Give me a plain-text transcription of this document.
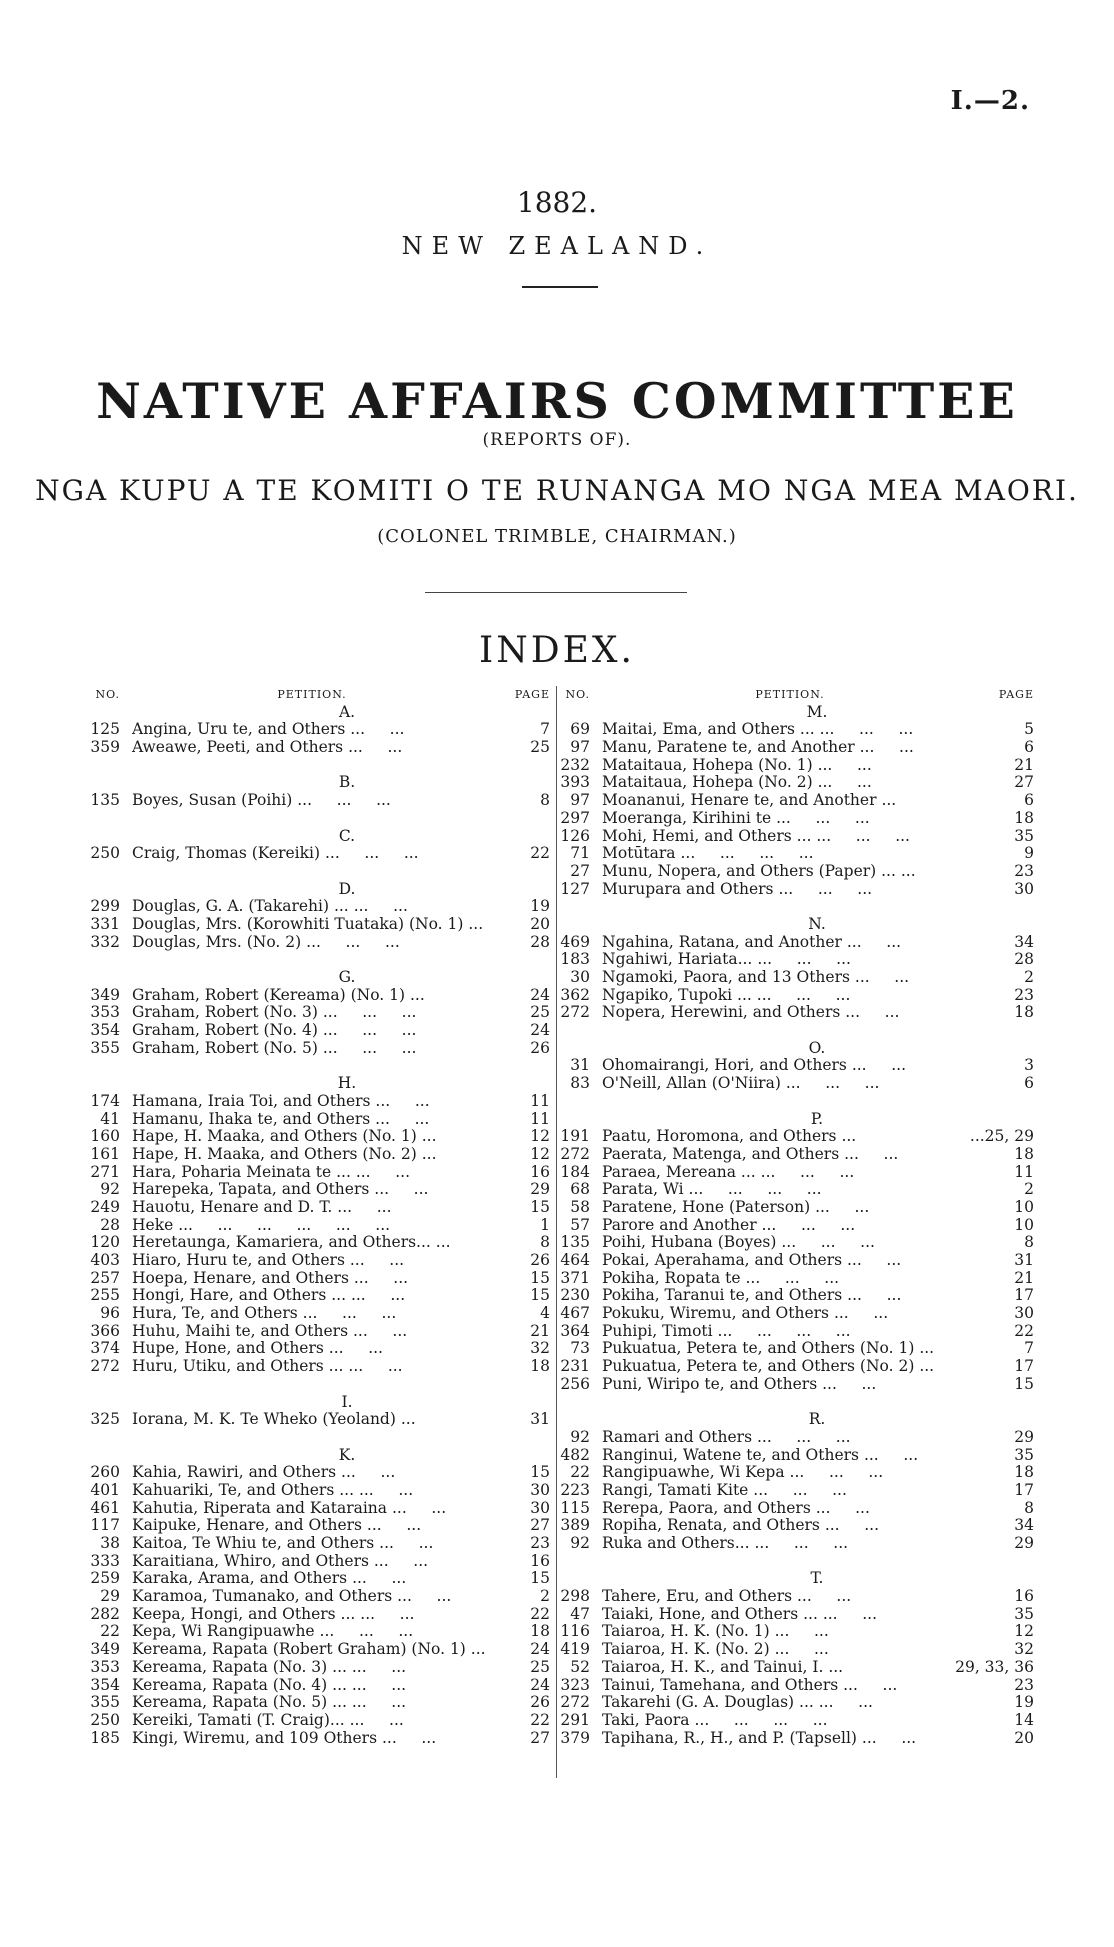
I.—2.
1882.
NEW ZEALAND.
NATIVE AFFAIRS COMMITTEE
(REPORTS OF).
NGA KUPU A TE KOMITI O TE RUNANGA MO NGA MEA MAORI.
(COLONEL TRIMBLE, CHAIRMAN.)
INDEX.
NO.	PETITION.	PAGE
A.
125 Angina, Uru te, and Others ...     ...	7
359 Aweawe, Peeti, and Others ...     ...	25
B.
135 Boyes, Susan (Poihi) ...     ...     ...	8
C.
250 Craig, Thomas (Kereiki) ...     ...     ...	22
D.
299 Douglas, G. A. (Takarehi) ... ...     ...	19
331 Douglas, Mrs. (Korowhiti Tuataka) (No. 1) ...	20
332 Douglas, Mrs. (No. 2) ...     ...     ...	28
G.
349 Graham, Robert (Kereama) (No. 1) ...	24
353 Graham, Robert (No. 3) ...     ...     ...	25
354 Graham, Robert (No. 4) ...     ...     ...	24
355 Graham, Robert (No. 5) ...     ...     ...	26
H.
174 Hamana, Iraia Toi, and Others ...     ...	11
41 Hamanu, Ihaka te, and Others ...     ...	11
160 Hape, H. Maaka, and Others (No. 1) ...	12
161 Hape, H. Maaka, and Others (No. 2) ...	12
271 Hara, Poharia Meinata te ... ...     ...	16
92 Harepeka, Tapata, and Others ...     ...	29
249 Hauotu, Henare and D. T. ...     ...	15
28 Heke ...     ...     ...     ...     ...     ...	1
120 Heretaunga, Kamariera, and Others... ...	8
403 Hiaro, Huru te, and Others ...     ...	26
257 Hoepa, Henare, and Others ...     ...	15
255 Hongi, Hare, and Others ... ...     ...	15
96 Hura, Te, and Others ...     ...     ...	4
366 Huhu, Maihi te, and Others ...     ...	21
374 Hupe, Hone, and Others ...     ...	32
272 Huru, Utiku, and Others ... ...     ...	18
I.
325 Iorana, M. K. Te Wheko (Yeoland) ...	31
K.
260 Kahia, Rawiri, and Others ...     ...	15
401 Kahuariki, Te, and Others ... ...     ...	30
461 Kahutia, Riperata and Kataraina ...     ...	30
117 Kaipuke, Henare, and Others ...     ...	27
38 Kaitoa, Te Whiu te, and Others ...     ...	23
333 Karaitiana, Whiro, and Others ...     ...	16
259 Karaka, Arama, and Others ...     ...	15
29 Karamoa, Tumanako, and Others ...     ...	2
282 Keepa, Hongi, and Others ... ...     ...	22
22 Kepa, Wi Rangipuawhe ...     ...     ...	18
349 Kereama, Rapata (Robert Graham) (No. 1) ...	24
353 Kereama, Rapata (No. 3) ... ...     ...	25
354 Kereama, Rapata (No. 4) ... ...     ...	24
355 Kereama, Rapata (No. 5) ... ...     ...	26
250 Kereiki, Tamati (T. Craig)... ...     ...	22
185 Kingi, Wiremu, and 109 Others ...     ...	27
NO.	PETITION.	PAGE
M.
69 Maitai, Ema, and Others ... ...     ...     ...	5
97 Manu, Paratene te, and Another ...     ...	6
232 Mataitaua, Hohepa (No. 1) ...     ...	21
393 Mataitaua, Hohepa (No. 2) ...     ...	27
97 Moananui, Henare te, and Another ...	6
297 Moeranga, Kirihini te ...     ...     ...	18
126 Mohi, Hemi, and Others ... ...     ...     ...	35
71 Motūtara ...     ...     ...     ...	9
27 Munu, Nopera, and Others (Paper) ... ...	23
127 Murupara and Others ...     ...     ...	30
N.
469 Ngahina, Ratana, and Another ...     ...	34
183 Ngahiwi, Hariata... ...     ...     ...	28
30 Ngamoki, Paora, and 13 Others ...     ...	2
362 Ngapiko, Tupoki ... ...     ...     ...	23
272 Nopera, Herewini, and Others ...     ...	18
O.
31 Ohomairangi, Hori, and Others ...     ...	3
83 O'Neill, Allan (O'Niira) ...     ...     ...	6
P.
191 Paatu, Horomona, and Others ...	...25, 29
272 Paerata, Matenga, and Others ...     ...	18
184 Paraea, Mereana ... ...     ...     ...	11
68 Parata, Wi ...     ...     ...     ...	2
58 Paratene, Hone (Paterson) ...     ...	10
57 Parore and Another ...     ...     ...	10
135 Poihi, Hubana (Boyes) ...     ...     ...	8
464 Pokai, Aperahama, and Others ...     ...	31
371 Pokiha, Ropata te ...     ...     ...	21
230 Pokiha, Taranui te, and Others ...     ...	17
467 Pokuku, Wiremu, and Others ...     ...	30
364 Puhipi, Timoti ...     ...     ...     ...	22
73 Pukuatua, Petera te, and Others (No. 1) ...	7
231 Pukuatua, Petera te, and Others (No. 2) ...	17
256 Puni, Wiripo te, and Others ...     ...	15
R.
92 Ramari and Others ...     ...     ...	29
482 Ranginui, Watene te, and Others ...     ...	35
22 Rangipuawhe, Wi Kepa ...     ...     ...	18
223 Rangi, Tamati Kite ...     ...     ...	17
115 Rerepa, Paora, and Others ...     ...	8
389 Ropiha, Renata, and Others ...     ...	34
92 Ruka and Others... ...     ...     ...	29
T.
298 Tahere, Eru, and Others ...     ...	16
47 Taiaki, Hone, and Others ... ...     ...	35
116 Taiaroa, H. K. (No. 1) ...     ...	12
419 Taiaroa, H. K. (No. 2) ...     ...	32
52 Taiaroa, H. K., and Tainui, I. ...	29, 33, 36
323 Tainui, Tamehana, and Others ...     ...	23
272 Takarehi (G. A. Douglas) ... ...     ...	19
291 Taki, Paora ...     ...     ...     ...	14
379 Tapihana, R., H., and P. (Tapsell) ...     ...	20
